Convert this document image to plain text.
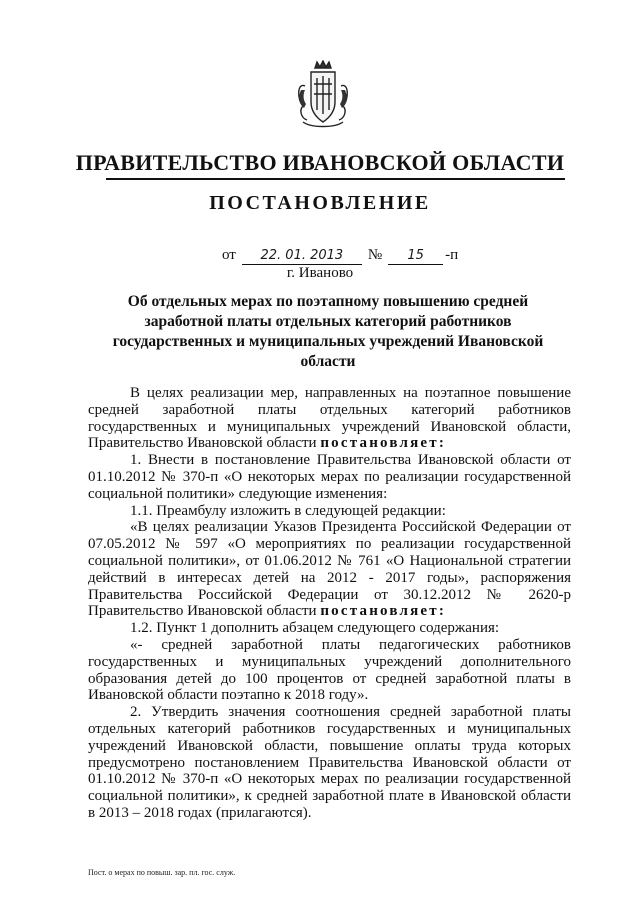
ПРАВИТЕЛЬСТВО ИВАНОВСКОЙ ОБЛАСТИ
ПОСТАНОВЛЕНИЕ
от	22. 01. 2013	№	15	-п
г. Иваново
Об отдельных мерах по поэтапному повышению средней заработной платы отдельных категорий работников государственных и муниципальных учреждений Ивановской области

В целях реализации мер, направленных на поэтапное повышение средней заработной платы отдельных категорий работников государственных и муниципальных учреждений Ивановской области, Правительство Ивановской области постановляет:

1. Внести в постановление Правительства Ивановской области от 01.10.2012 № 370-п «О некоторых мерах по реализации государственной социальной политики» следующие изменения:

1.1. Преамбулу изложить в следующей редакции:

«В целях реализации Указов Президента Российской Федерации от 07.05.2012 № 597 «О мероприятиях по реализации государственной социальной политики», от 01.06.2012 № 761 «О Национальной стратегии действий в интересах детей на 2012 - 2017 годы», распоряжения Правительства Российской Федерации от 30.12.2012 № 2620-р Правительство Ивановской области постановляет:

1.2. Пункт 1 дополнить абзацем следующего содержания:

«- средней заработной платы педагогических работников государственных и муниципальных учреждений дополнительного образования детей до 100 процентов от средней заработной платы в Ивановской области поэтапно к 2018 году».

2. Утвердить значения соотношения средней заработной платы отдельных категорий работников государственных и муниципальных учреждений Ивановской области, повышение оплаты труда которых предусмотрено постановлением Правительства Ивановской области от 01.10.2012 № 370-п «О некоторых мерах по реализации государственной социальной политики», к средней заработной плате в Ивановской области в 2013 – 2018 годах (прилагаются).

Пост. о мерах по повыш. зар. пл. гос. служ.
